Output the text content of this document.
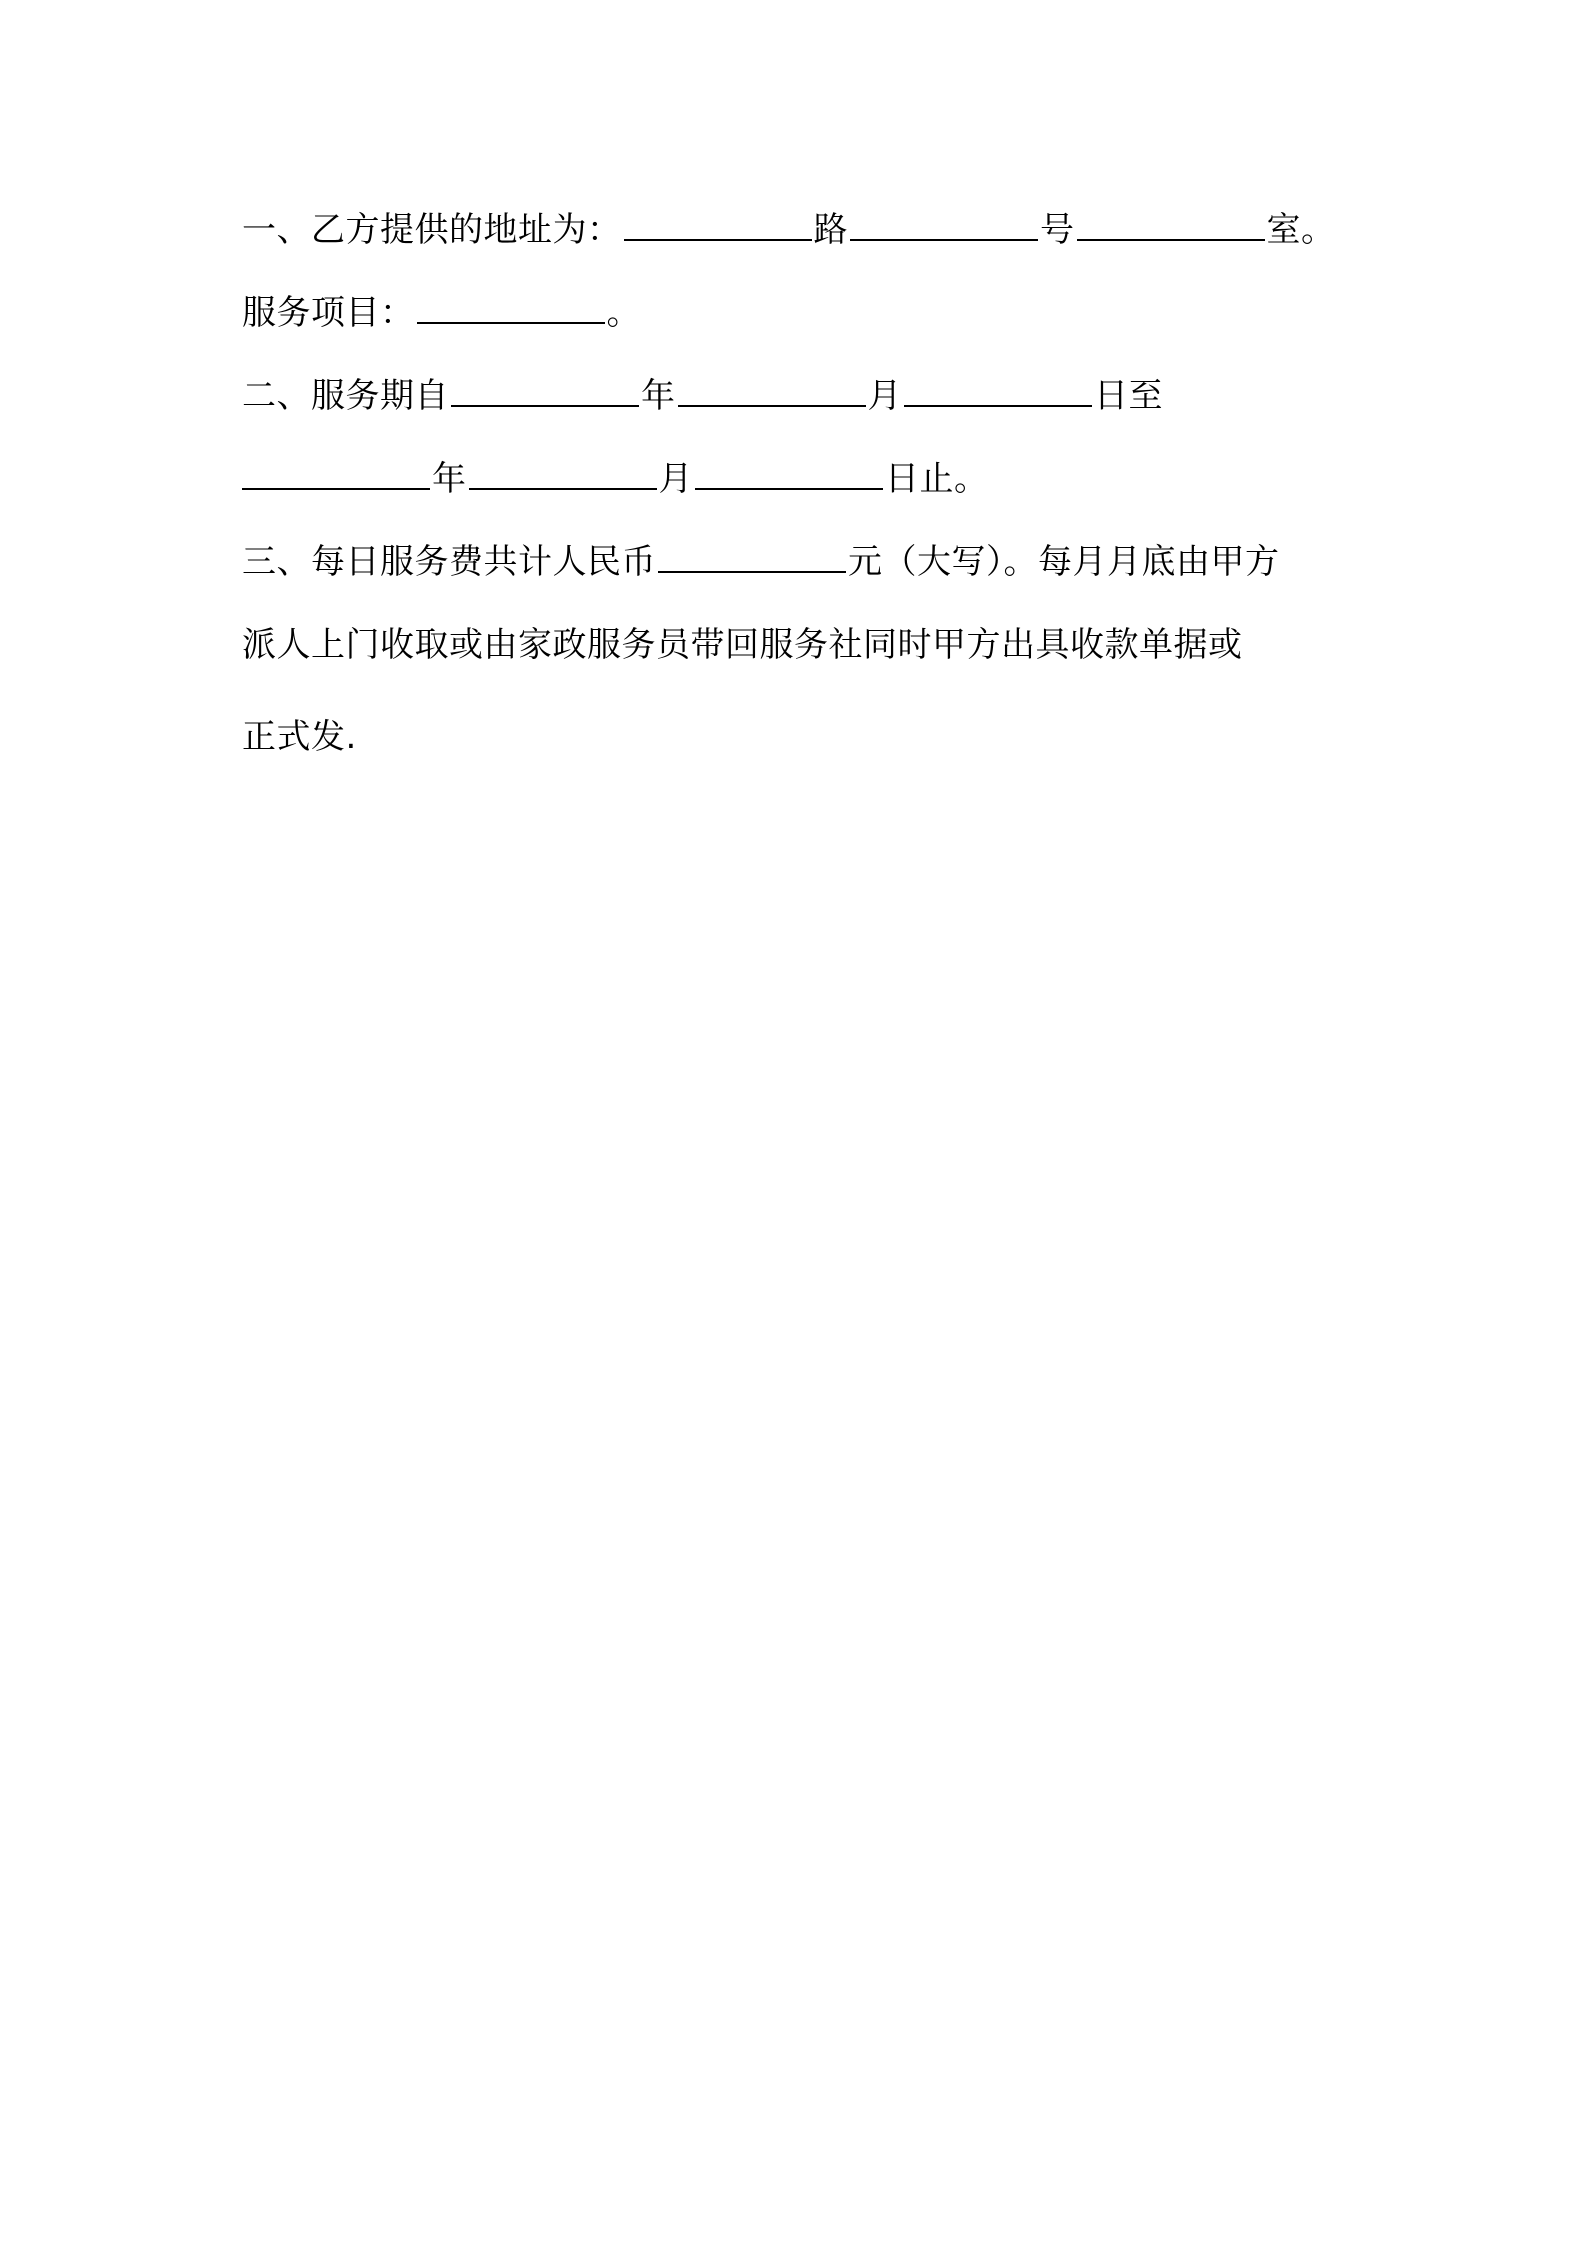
一、乙方提供的地址为：	路	号	室。
服务项目：	。
二、服务期自	年	月	日至
年	月	日止。
三、每日服务费共计人民币	元（大写）。每月月底由甲方
派人上门收取或由家政服务员带回服务社同时甲方出具收款单据或
正式发.
